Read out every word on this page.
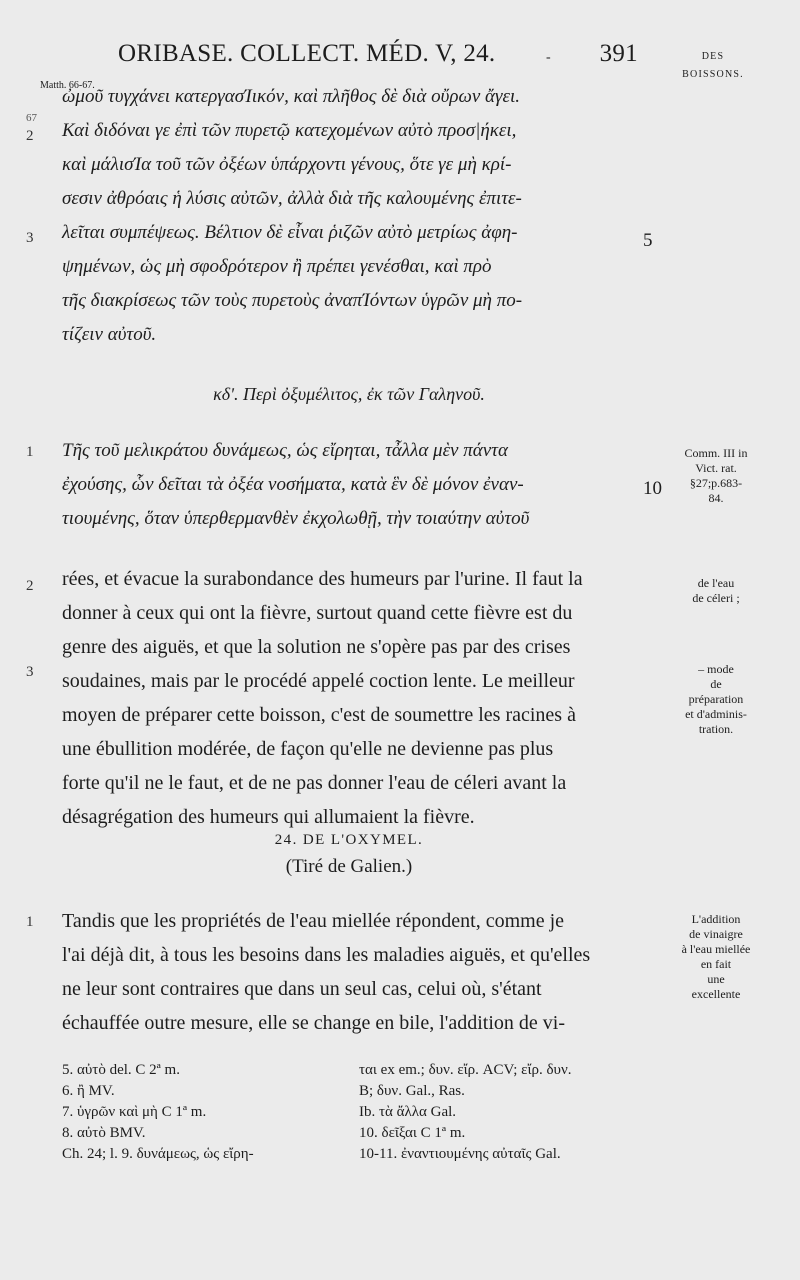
ORIBASE. COLLECT. MÉD. V, 24.	- 391	DES
BOISSONS.
Matth. 66-67.
67
2
3
1
2
3
1
5
10
ὠμοῦ τυγχάνει κατεργασΊικόν, καὶ πλῆθος δὲ διὰ οὔρων ἄγει.
Καὶ διδόναι γε ἐπὶ τῶν πυρετῷ κατεχομένων αὐτὸ προσ|ήκει,
καὶ μάλισΊα τοῦ τῶν ὀξέων ὑπάρχοντι γένους, ὅτε γε μὴ κρί-
σεσιν ἀθρόαις ἡ λύσις αὐτῶν, ἀλλὰ διὰ τῆς καλουμένης ἐπιτε-
λεῖται συμπέψεως. Βέλτιον δὲ εἶναι ῥιζῶν αὐτὸ μετρίως ἀφη-
ψημένων, ὡς μὴ σφοδρότερον ἢ πρέπει γενέσθαι, καὶ πρὸ
τῆς διακρίσεως τῶν τοὺς πυρετοὺς ἀναπΊόντων ὑγρῶν μὴ πο-
τίζειν αὐτοῦ.
κδʹ. Περὶ ὀξυμέλιτος, ἐκ τῶν Γαληνοῦ.
Τῆς τοῦ μελικράτου δυνάμεως, ὡς εἴρηται, τἆλλα μὲν πάντα
ἐχούσης, ὧν δεῖται τὰ ὀξέα νοσήματα, κατὰ ἓν δὲ μόνον ἐναν-
τιουμένης, ὅταν ὑπερθερμανθὲν ἐκχολωθῇ, τὴν τοιαύτην αὐτοῦ
Comm. III in
Vict. rat.
§27;p.683-
84.
de l'eau
de céleri ;
– mode
de
préparation
et d'adminis-
tration.
L'addition
de vinaigre
à l'eau miellée
en fait
une
excellente
rées, et évacue la surabondance des humeurs par l'urine. Il faut la
donner à ceux qui ont la fièvre, surtout quand cette fièvre est du
genre des aiguës, et que la solution ne s'opère pas par des crises
soudaines, mais par le procédé appelé coction lente. Le meilleur
moyen de préparer cette boisson, c'est de soumettre les racines à
une ébullition modérée, de façon qu'elle ne devienne pas plus
forte qu'il ne le faut, et de ne pas donner l'eau de céleri avant la
désagrégation des humeurs qui allumaient la fièvre.
24. DE L'OXYMEL.
(Tiré de Galien.)
Tandis que les propriétés de l'eau miellée répondent, comme je
l'ai déjà dit, à tous les besoins dans les maladies aiguës, et qu'elles
ne leur sont contraires que dans un seul cas, celui où, s'étant
échauffée outre mesure, elle se change en bile, l'addition de vi-
5. αὐτὸ del. C 2ª m.	ται ex em.; δυν. εἴρ. ACV; εἴρ. δυν.
6. ἢ MV.	B; δυν. Gal., Ras.
7. ὑγρῶν καὶ μὴ C 1ª m.	Ib. τὰ ἄλλα Gal.
8. αὐτὸ BMV.	10. δεῖξαι C 1ª m.
Ch. 24; l. 9. δυνάμεως, ὡς εἴρη-	10-11. ἐναντιουμένης αὐταῖς Gal.
